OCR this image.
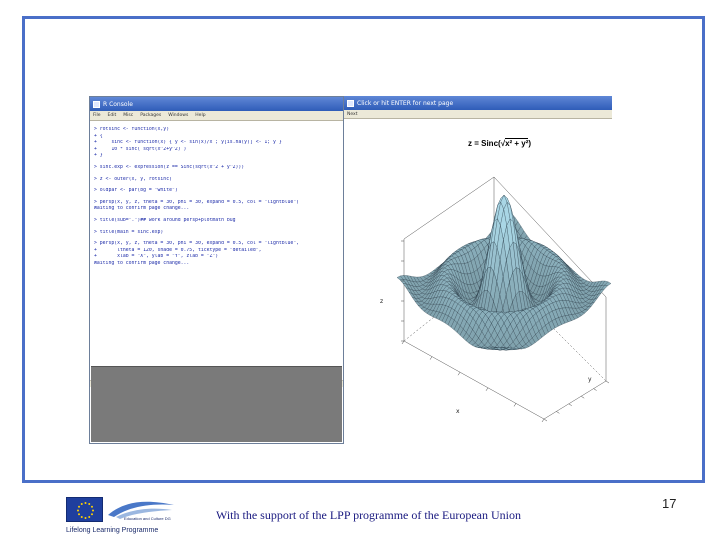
R Console
File Edit Misc Packages Windows Help
> rotsinc <- function(x,y)
+ {
+     sinc <- function(x) { y <- sin(x)/x ; y[is.na(y)] <- 1; y }
+     10 * sinc( sqrt(x^2+y^2) )
+ }
> sinc.exp <- expression(z == Sinc(sqrt(x^2 + y^2)))
> z <- outer(x, y, rotsinc)
> oldpar <- par(bg = "white")
> persp(x, y, z, theta = 30, phi = 30, expand = 0.5, col = "lightblue")
Waiting to confirm page change...
> title(sub=".")## work around persp+plotmath bug
> title(main = sinc.exp)
> persp(x, y, z, theta = 30, phi = 30, expand = 0.5, col = "lightblue",
+       ltheta = 120, shade = 0.75, ticktype = "detailed",
+       xlab = "X", ylab = "Y", zlab = "Z")
Waiting to confirm page change...
Click or hit ENTER for next page
Next
z = Sinc(√x² + y²)
z
x
y
Education and Culture DG
Lifelong Learning Programme
With the support of the LPP programme of the European Union
17
